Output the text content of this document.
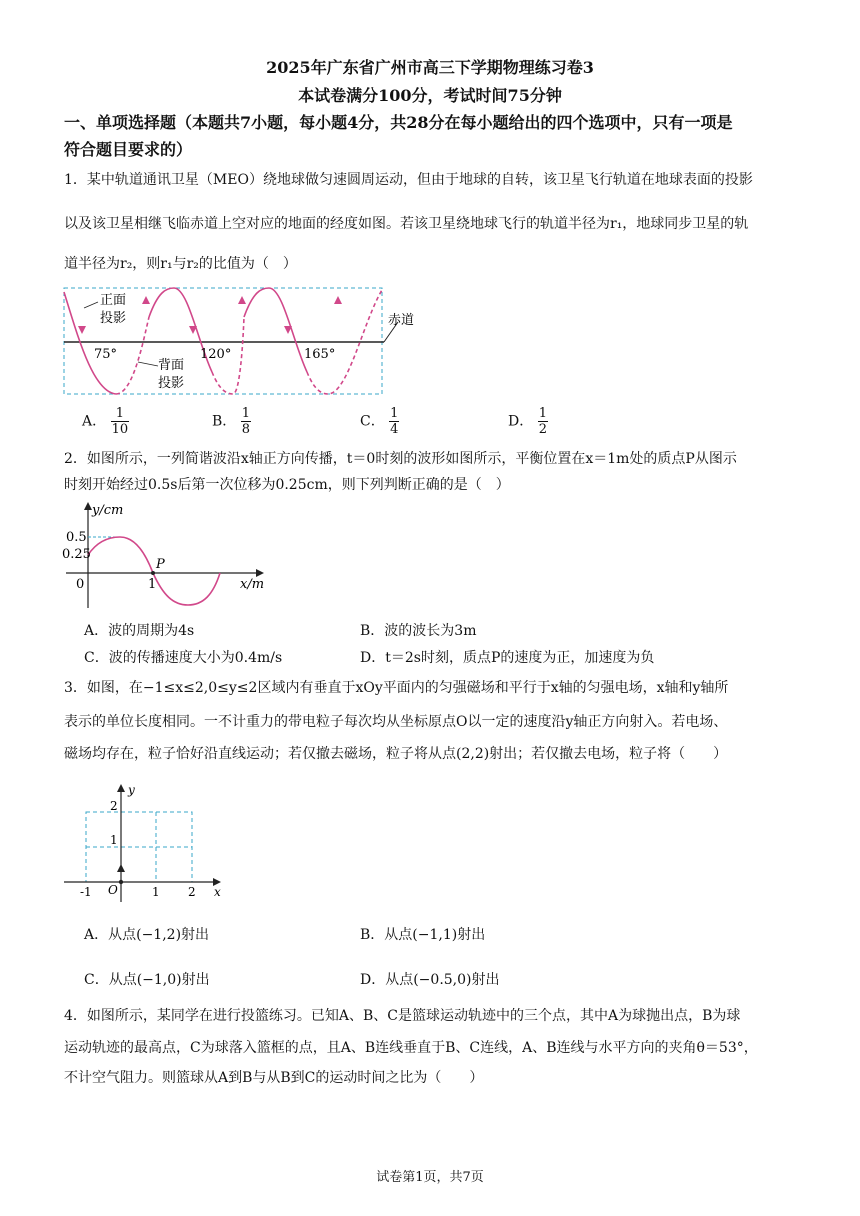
2025年广东省广州市高三下学期物理练习卷3
本试卷满分100分，考试时间75分钟
一、单项选择题（本题共7小题，每小题4分，共28分在每小题给出的四个选项中，只有一项是
符合题目要求的）
1．某中轨道通讯卫星（MEO）绕地球做匀速圆周运动，但由于地球的自转，该卫星飞行轨道在地球表面的投影
以及该卫星相继飞临赤道上空对应的地面的经度如图。若该卫星绕地球飞行的轨道半径为r₁，地球同步卫星的轨
道半径为r₂，则r₁与r₂的比值为（　）
正面
投影
背面
投影
75°	120°	165°
赤道
A． $\frac{1}{10}$	B． $\frac{1}{8}$	C． $\frac{1}{4}$	D． $\frac{1}{2}$
2．如图所示，一列简谐波沿x轴正方向传播，t＝0时刻的波形如图所示，平衡位置在x＝1m处的质点P从图示
时刻开始经过0.5s后第一次位移为0.25cm，则下列判断正确的是（　）
y/cm
x/m
0.5
0.25
0	1
P
A．波的周期为4s	B．波的波长为3m
C．波的传播速度大小为0.4m/s	D．t＝2s时刻，质点P的速度为正，加速度为负
3．如图，在−1≤x≤2,0≤y≤2区域内有垂直于xOy平面内的匀强磁场和平行于x轴的匀强电场，x轴和y轴所
表示的单位长度相同。一不计重力的带电粒子每次均从坐标原点O以一定的速度沿y轴正方向射入。若电场、
磁场均存在，粒子恰好沿直线运动；若仅撤去磁场，粒子将从点(2,2)射出；若仅撤去电场，粒子将（　　）
y
x
2
1
-1 O	1 2
A．从点(−1,2)射出	B．从点(−1,1)射出
C．从点(−1,0)射出	D．从点(−0.5,0)射出
4．如图所示，某同学在进行投篮练习。已知A、B、C是篮球运动轨迹中的三个点，其中A为球抛出点，B为球
运动轨迹的最高点，C为球落入篮框的点，且A、B连线垂直于B、C连线，A、B连线与水平方向的夹角θ＝53°，
不计空气阻力。则篮球从A到B与从B到C的运动时间之比为（　　）
试卷第1页，共7页
